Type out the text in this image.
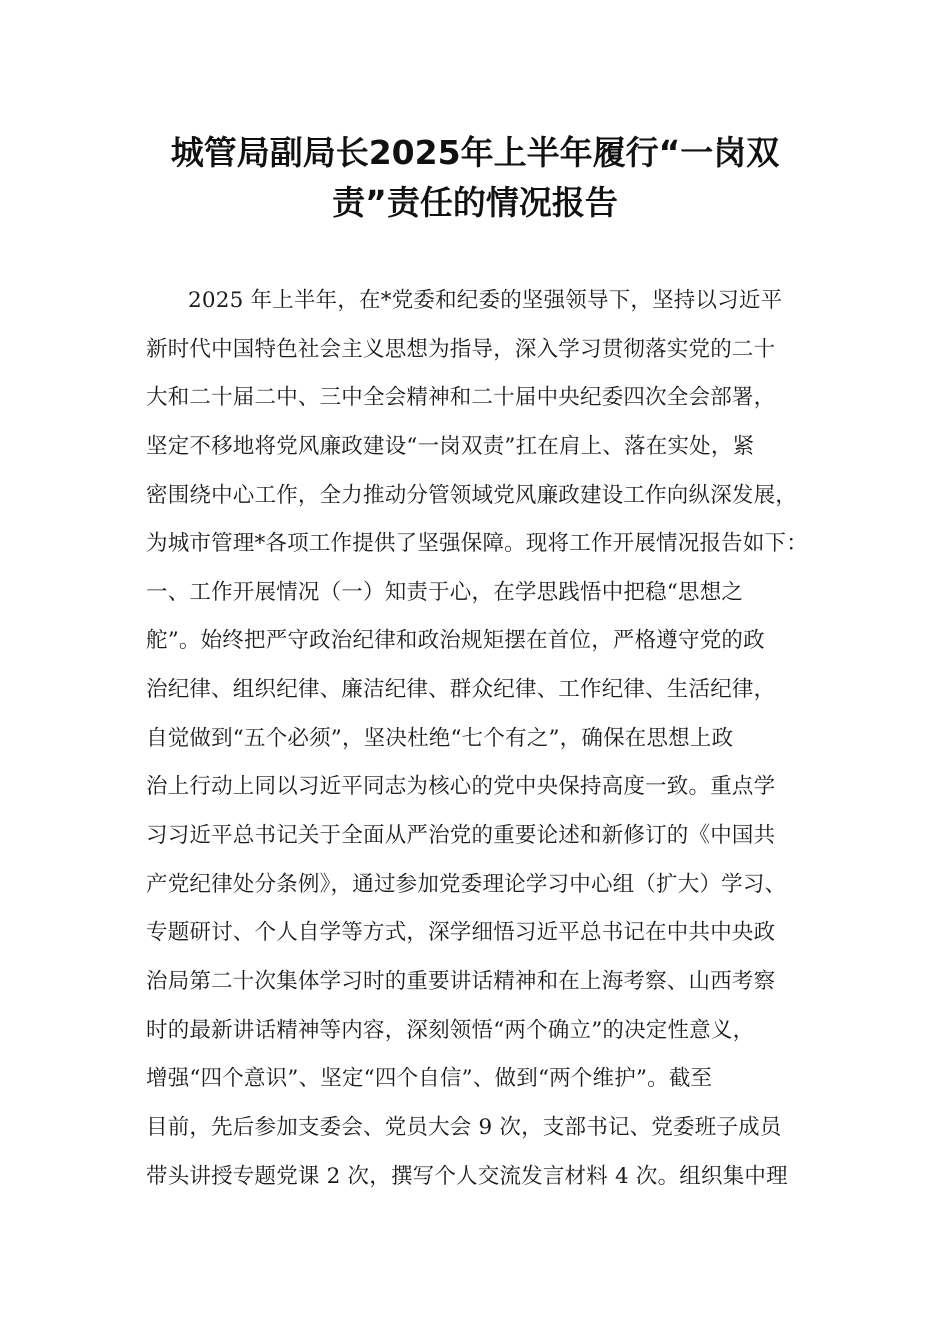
城管局副局长2025年上半年履行“一岗双
责”责任的情况报告
2025 年上半年，在*党委和纪委的坚强领导下，坚持以习近平
新时代中国特色社会主义思想为指导，深入学习贯彻落实党的二十
大和二十届二中、三中全会精神和二十届中央纪委四次全会部署，
坚定不移地将党风廉政建设“一岗双责”扛在肩上、落在实处，紧
密围绕中心工作，全力推动分管领域党风廉政建设工作向纵深发展，
为城市管理*各项工作提供了坚强保障。现将工作开展情况报告如下：
一、工作开展情况（一）知责于心，在学思践悟中把稳“思想之
舵”。始终把严守政治纪律和政治规矩摆在首位，严格遵守党的政
治纪律、组织纪律、廉洁纪律、群众纪律、工作纪律、生活纪律，
自觉做到“五个必须”，坚决杜绝“七个有之”，确保在思想上政
治上行动上同以习近平同志为核心的党中央保持高度一致。重点学
习习近平总书记关于全面从严治党的重要论述和新修订的《中国共
产党纪律处分条例》，通过参加党委理论学习中心组（扩大）学习、
专题研讨、个人自学等方式，深学细悟习近平总书记在中共中央政
治局第二十次集体学习时的重要讲话精神和在上海考察、山西考察
时的最新讲话精神等内容，深刻领悟“两个确立”的决定性意义，
增强“四个意识”、坚定“四个自信”、做到“两个维护”。截至
目前，先后参加支委会、党员大会 9 次，支部书记、党委班子成员
带头讲授专题党课 2 次，撰写个人交流发言材料 4 次。组织集中理
